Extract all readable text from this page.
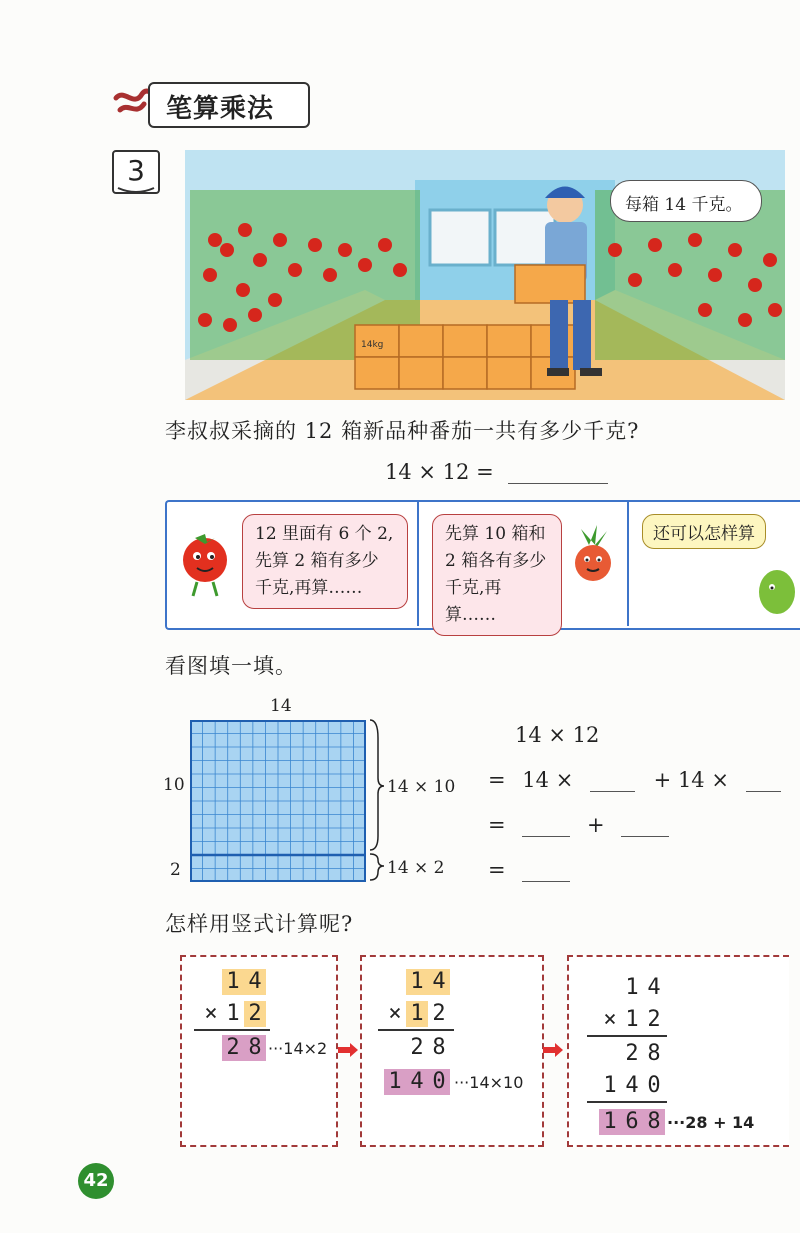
笔算乘法
3
14kg
每箱 14 千克。
李叔叔采摘的 12 箱新品种番茄一共有多少千克?
14 × 12 =
12 里面有 6 个 2,先算 2 箱有多少千克,再算……
先算 10 箱和 2 箱各有多少千克,再算……
还可以怎样算
看图填一填。
14
10
2
14 × 10
14 × 2
14 × 12
= 14 ×	+ 14 ×
=	+
=
怎样用竖式计算呢?
1 4
× 1 2
2 8 ···14×2
1 4
× 1 2
2 8
1 4 0 ···14×10
1 4
× 1 2
2 8
1 4 0
1 6 8 ···28 + 14
42
